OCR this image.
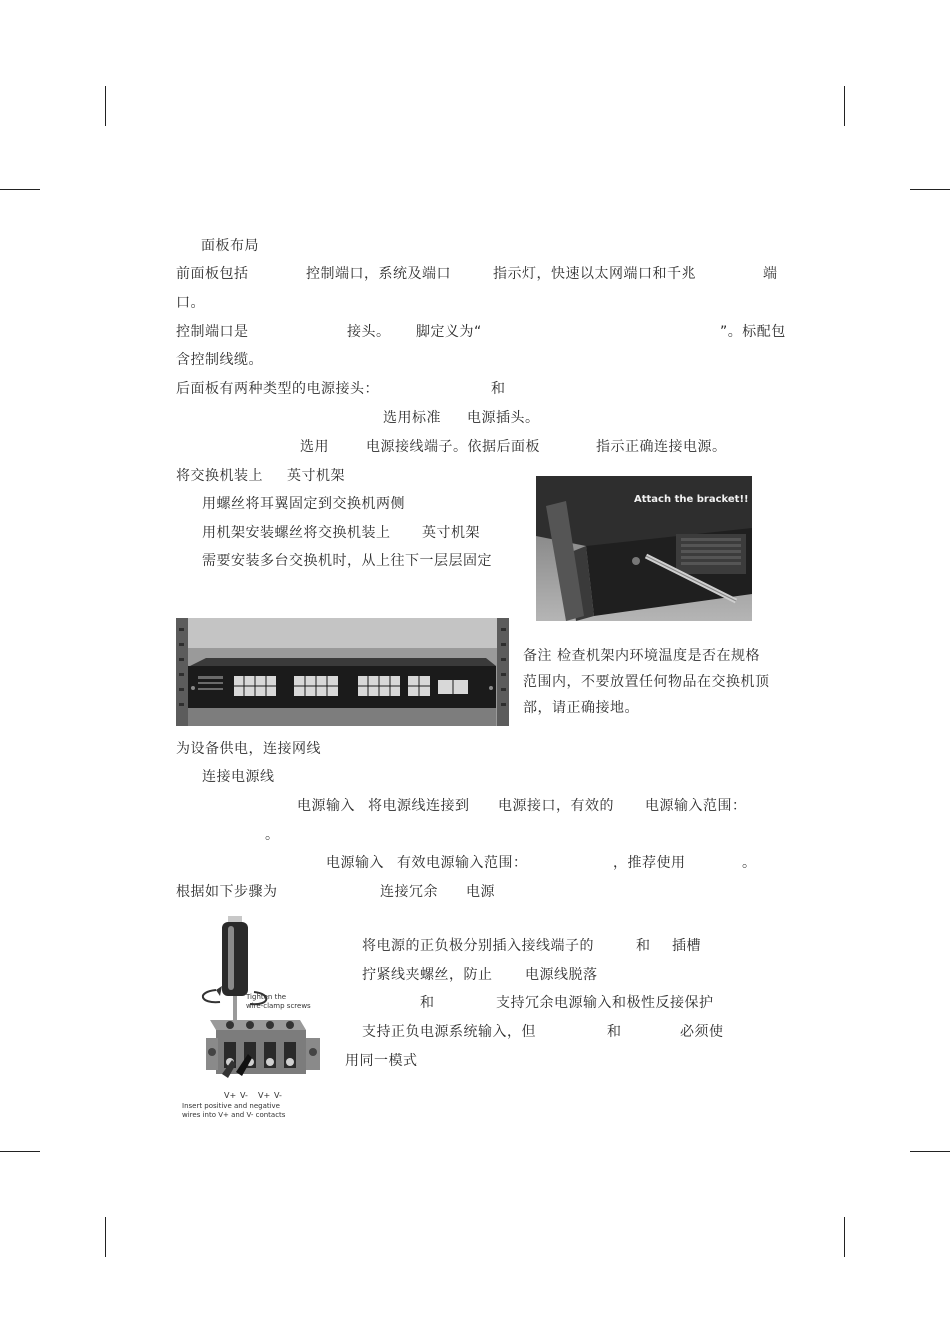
面板布局
前面板包括	控制端口，系统及端口	指示灯，快速以太网端口和千兆	端
口。
控制端口是	接头。 脚定义为“	”。标配包
含控制线缆。
后面板有两种类型的电源接头：	和
选用标准 电源插头。
选用	电源接线端子。依据后面板	指示正确连接电源。
将交换机装上 英寸机架
用螺丝将耳翼固定到交换机两侧
用机架安装螺丝将交换机装上 英寸机架
需要安装多台交换机时，从上往下一层层固定
Attach the bracket!!
备注 检查机架内环境温度是否在规格
范围内，不要放置任何物品在交换机顶
部，请正确接地。
为设备供电，连接网线
连接电源线
电源输入 将电源线连接到 电源接口，有效的 电源输入范围：
。
电源输入 有效电源输入范围：	，推荐使用	。
根据如下步骤为	连接冗余 电源
Tighten the
wire-clamp screws
V+ V- V+ V-
Insert positive and negative
wires into V+ and V- contacts
将电源的正负极分别插入接线端子的	和 插槽
拧紧线夹螺丝，防止 电源线脱落
和	支持冗余电源输入和极性反接保护
支持正负电源系统输入，但	和	必须使
用同一模式
